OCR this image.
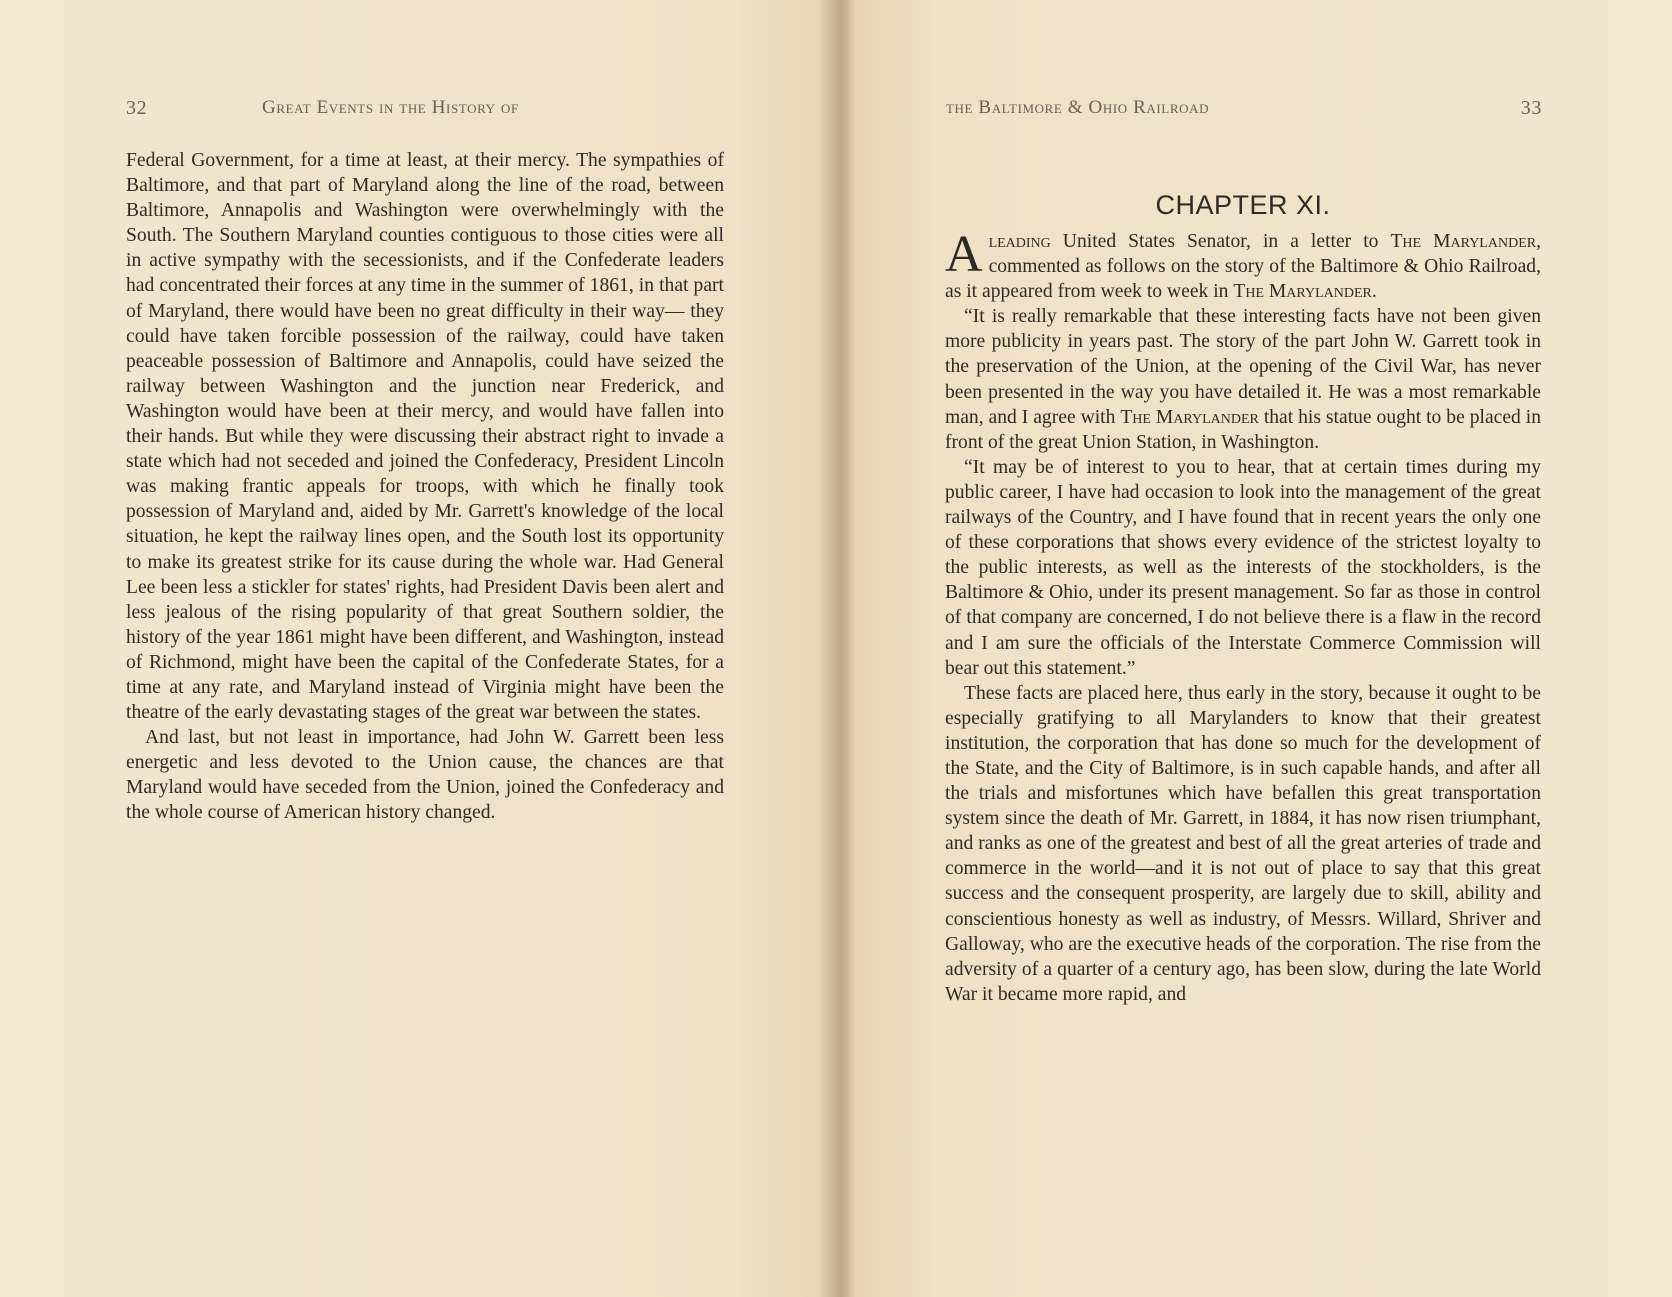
32	Great Events in the History of

Federal Government, for a time at least, at their mercy. The sympathies of Baltimore, and that part of Maryland along the line of the road, between Baltimore, Annapolis and Washington were overwhelmingly with the South. The Southern Maryland counties contiguous to those cities were all in active sympathy with the secessionists, and if the Confederate leaders had concentrated their forces at any time in the summer of 1861, in that part of Maryland, there would have been no great difficulty in their way— they could have taken forcible possession of the railway, could have taken peaceable possession of Baltimore and Annapolis, could have seized the railway between Washington and the junction near Frederick, and Washington would have been at their mercy, and would have fallen into their hands. But while they were discussing their abstract right to invade a state which had not seceded and joined the Confederacy, President Lincoln was making frantic appeals for troops, with which he finally took possession of Maryland and, aided by Mr. Garrett's knowledge of the local situation, he kept the railway lines open, and the South lost its opportunity to make its greatest strike for its cause during the whole war. Had General Lee been less a stickler for states' rights, had President Davis been alert and less jealous of the rising popularity of that great Southern soldier, the history of the year 1861 might have been different, and Washington, instead of Richmond, might have been the capital of the Confederate States, for a time at any rate, and Maryland instead of Virginia might have been the theatre of the early devastating stages of the great war between the states.

And last, but not least in importance, had John W. Garrett been less energetic and less devoted to the Union cause, the chances are that Maryland would have seceded from the Union, joined the Confederacy and the whole course of American history changed.

the Baltimore & Ohio Railroad	33
CHAPTER XI.

Aleading United States Senator, in a letter to The Marylander, commented as follows on the story of the Baltimore & Ohio Railroad, as it appeared from week to week in The Marylander.

“It is really remarkable that these interesting facts have not been given more publicity in years past. The story of the part John W. Garrett took in the preservation of the Union, at the opening of the Civil War, has never been presented in the way you have detailed it. He was a most remarkable man, and I agree with The Marylander that his statue ought to be placed in front of the great Union Station, in Washington.

“It may be of interest to you to hear, that at certain times during my public career, I have had occasion to look into the management of the great railways of the Country, and I have found that in recent years the only one of these corporations that shows every evidence of the strictest loyalty to the public interests, as well as the interests of the stockholders, is the Baltimore & Ohio, under its present management. So far as those in control of that company are concerned, I do not believe there is a flaw in the record and I am sure the officials of the Interstate Commerce Commission will bear out this statement.”

These facts are placed here, thus early in the story, because it ought to be especially gratifying to all Marylanders to know that their greatest institution, the corporation that has done so much for the development of the State, and the City of Baltimore, is in such capable hands, and after all the trials and misfortunes which have befallen this great transportation system since the death of Mr. Garrett, in 1884, it has now risen triumphant, and ranks as one of the greatest and best of all the great arteries of trade and commerce in the world—and it is not out of place to say that this great success and the consequent prosperity, are largely due to skill, ability and conscientious honesty as well as industry, of Messrs. Willard, Shriver and Galloway, who are the executive heads of the corporation. The rise from the adversity of a quarter of a century ago, has been slow, during the late World War it became more rapid, and
